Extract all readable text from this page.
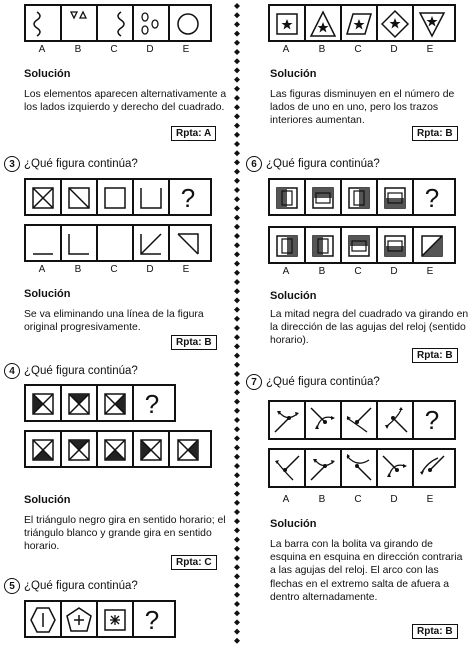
A	B	C	D	E
Solución
Los elementos aparecen alternativamente a los lados izquierdo y derecho del cuadrado.
Rpta: A
3 ¿Qué figura continúa?
?
A	B	C	D	E
Solución
Se va eliminando una línea de la figura original progresivamente.
Rpta: B
4 ¿Qué figura continúa?
?
Solución
El triángulo negro gira en sentido horario; el triángulo blanco y grande gira en sentido horario.
Rpta: C
5 ¿Qué figura continúa?
?
A	B	C	D	E
Solución
Las figuras disminuyen en el número de lados de uno en uno, pero los trazos interiores aumentan.
Rpta: B
6 ¿Qué figura continúa?
?
A	B	C	D	E
Solución
La mitad negra del cuadrado va girando en la dirección de las agujas del reloj (sentido horario).
Rpta: B
7 ¿Qué figura continúa?
?
A	B	C	D	E
Solución
La barra con la bolita va girando de esquina en esquina en dirección contraria a las agujas del reloj. El arco con las flechas en el extremo salta de afuera a dentro alternadamente.
Rpta: B
